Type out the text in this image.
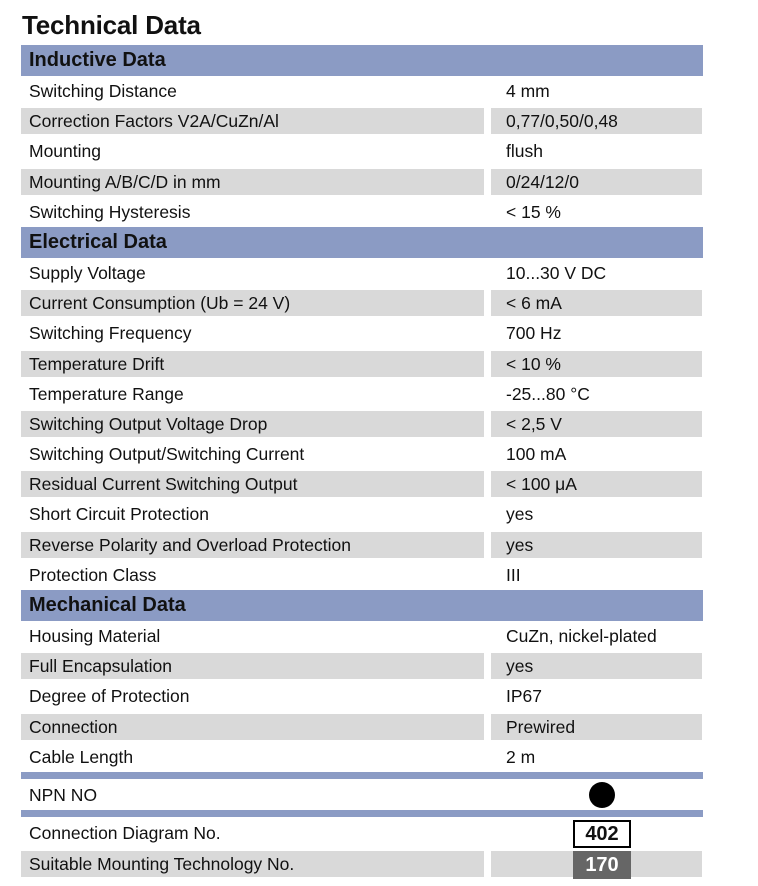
Technical Data
Inductive Data
Switching Distance	4 mm
Correction Factors V2A/CuZn/Al	0,77/0,50/0,48
Mounting	flush
Mounting A/B/C/D in mm	0/24/12/0
Switching Hysteresis	< 15 %
Electrical Data
Supply Voltage	10...30 V DC
Current Consumption (Ub = 24 V)	< 6 mA
Switching Frequency	700 Hz
Temperature Drift	< 10 %
Temperature Range	-25...80 °C
Switching Output Voltage Drop	< 2,5 V
Switching Output/Switching Current	100 mA
Residual Current Switching Output	< 100 μA
Short Circuit Protection	yes
Reverse Polarity and Overload Protection	yes
Protection Class	III
Mechanical Data
Housing Material	CuZn, nickel-plated
Full Encapsulation	yes
Degree of Protection	IP67
Connection	Prewired
Cable Length	2 m
NPN NO
Connection Diagram No.	402
Suitable Mounting Technology No.	170
